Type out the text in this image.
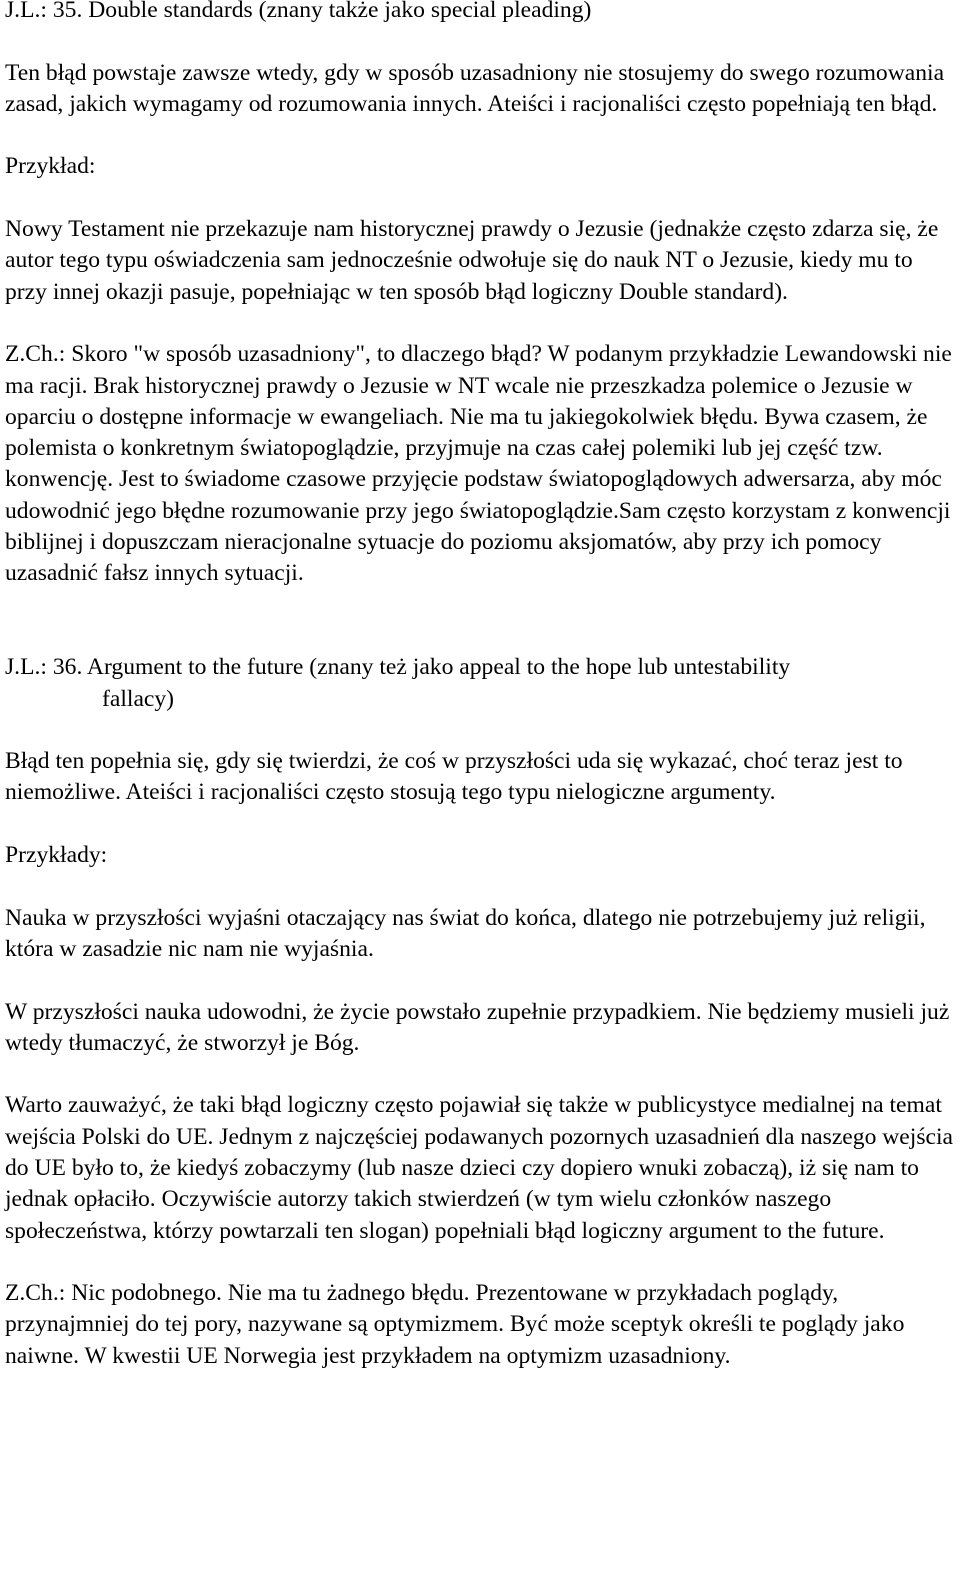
J.L.: 35. Double standards (znany także jako special pleading)

Ten błąd powstaje zawsze wtedy, gdy w sposób uzasadniony nie stosujemy do swego rozumowania zasad, jakich wymagamy od rozumowania innych. Ateiści i racjonaliści często popełniają ten błąd.

Przykład:

Nowy Testament nie przekazuje nam historycznej prawdy o Jezusie (jednakże często zdarza się, że autor tego typu oświadczenia sam jednocześnie odwołuje się do nauk NT o Jezusie, kiedy mu to przy innej okazji pasuje, popełniając w ten sposób błąd logiczny Double standard).

Z.Ch.: Skoro "w sposób uzasadniony", to dlaczego błąd? W podanym przykładzie Lewandowski nie ma racji. Brak historycznej prawdy o Jezusie w NT wcale nie przeszkadza polemice o Jezusie w oparciu o dostępne informacje w ewangeliach. Nie ma tu jakiegokolwiek błędu. Bywa czasem, że polemista o konkretnym światopoglądzie, przyjmuje na czas całej polemiki lub jej część tzw. konwencję. Jest to świadome czasowe przyjęcie podstaw światopoglądowych adwersarza, aby móc udowodnić jego błędne rozumowanie przy jego światopoglądzie.Sam często korzystam z konwencji biblijnej i dopuszczam nieracjonalne sytuacje do poziomu aksjomatów, aby przy ich pomocy uzasadnić fałsz innych sytuacji.

J.L.: 36. Argument to the future (znany też jako appeal to the hope lub untestability

fallacy)

Błąd ten popełnia się, gdy się twierdzi, że coś w przyszłości uda się wykazać, choć teraz jest to niemożliwe. Ateiści i racjonaliści często stosują tego typu nielogiczne argumenty.

Przykłady:

Nauka w przyszłości wyjaśni otaczający nas świat do końca, dlatego nie potrzebujemy już religii, która w zasadzie nic nam nie wyjaśnia.

W przyszłości nauka udowodni, że życie powstało zupełnie przypadkiem. Nie będziemy musieli już wtedy tłumaczyć, że stworzył je Bóg.

Warto zauważyć, że taki błąd logiczny często pojawiał się także w publicystyce medialnej na temat wejścia Polski do UE. Jednym z najczęściej podawanych pozornych uzasadnień dla naszego wejścia do UE było to, że kiedyś zobaczymy (lub nasze dzieci czy dopiero wnuki zobaczą), iż się nam to jednak opłaciło. Oczywiście autorzy takich stwierdzeń (w tym wielu członków naszego społeczeństwa, którzy powtarzali ten slogan) popełniali błąd logiczny argument to the future.

Z.Ch.: Nic podobnego. Nie ma tu żadnego błędu. Prezentowane w przykładach poglądy, przynajmniej do tej pory, nazywane są optymizmem. Być może sceptyk określi te poglądy jako naiwne. W kwestii UE Norwegia jest przykładem na optymizm uzasadniony.
